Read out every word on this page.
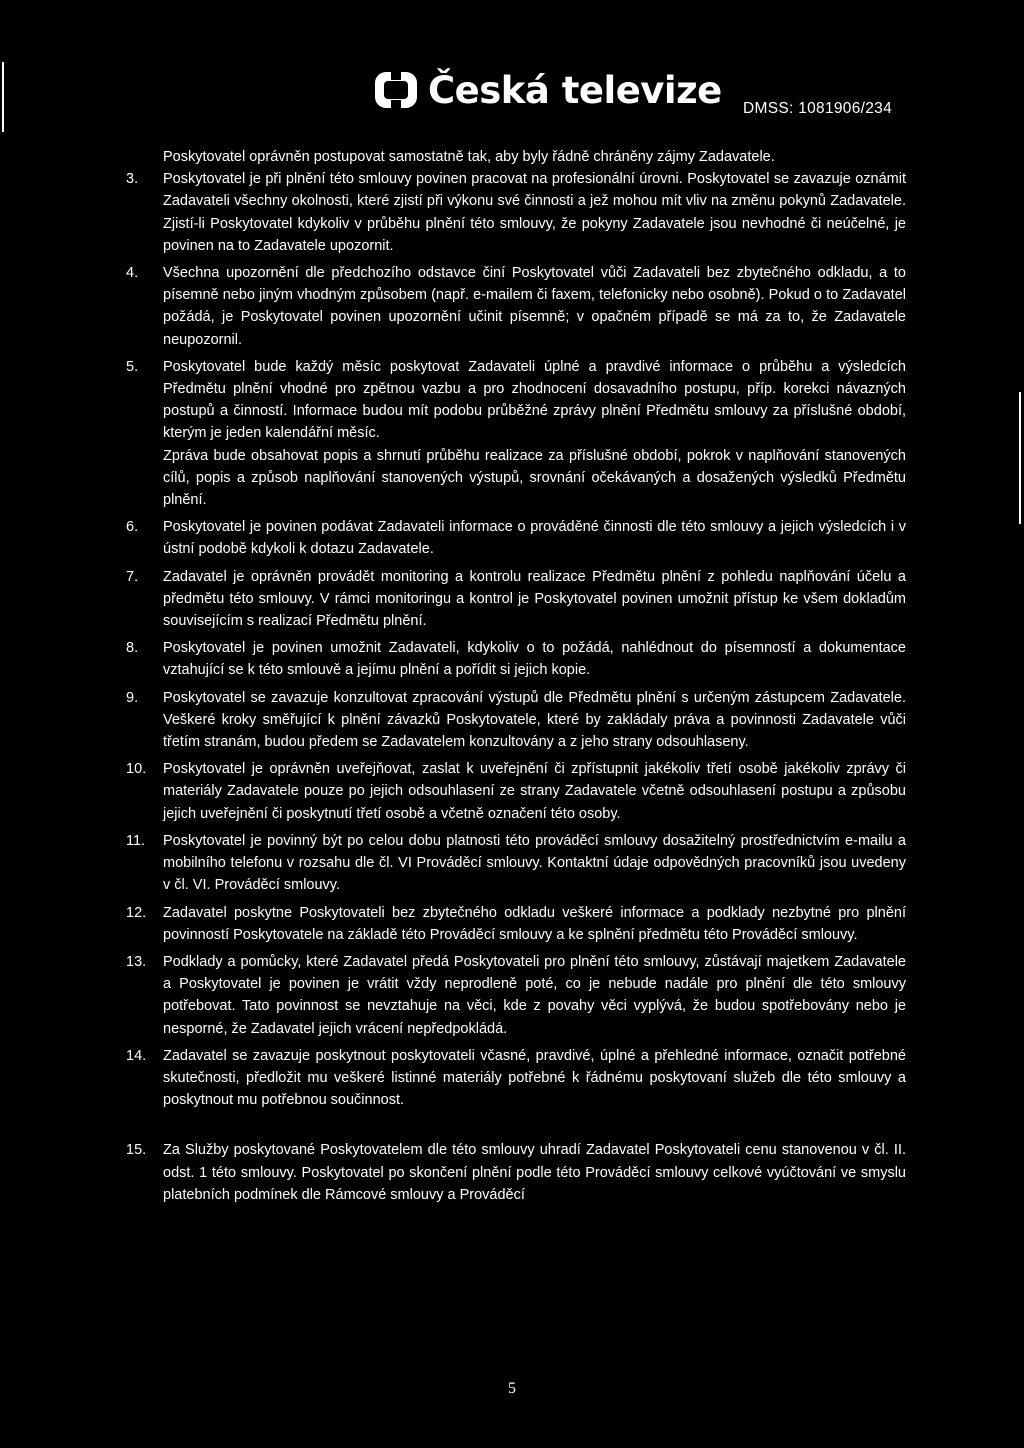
Česká televize DMSS: 1081906/234
Poskytovatel oprávněn postupovat samostatně tak, aby byly řádně chráněny zájmy Zadavatele.
3.	Poskytovatel je při plnění této smlouvy povinen pracovat na profesionální úrovni. Poskytovatel se zavazuje oznámit Zadavateli všechny okolnosti, které zjistí při výkonu své činnosti a jež mohou mít vliv na změnu pokynů Zadavatele. Zjistí-li Poskytovatel kdykoliv v průběhu plnění této smlouvy, že pokyny Zadavatele jsou nevhodné či neúčelné, je povinen na to Zadavatele upozornit.
4.	Všechna upozornění dle předchozího odstavce činí Poskytovatel vůči Zadavateli bez zbytečného odkladu, a to písemně nebo jiným vhodným způsobem (např. e-mailem či faxem, telefonicky nebo osobně). Pokud o to Zadavatel požádá, je Poskytovatel povinen upozornění učinit písemně; v opačném případě se má za to, že Zadavatele neupozornil.
5.	Poskytovatel bude každý měsíc poskytovat Zadavateli úplné a pravdivé informace o průběhu a výsledcích Předmětu plnění vhodné pro zpětnou vazbu a pro zhodnocení dosavadního postupu, příp. korekci návazných postupů a činností. Informace budou mít podobu průběžné zprávy plnění Předmětu smlouvy za příslušné období, kterým je jeden kalendářní měsíc.
Zpráva bude obsahovat popis a shrnutí průběhu realizace za příslušné období, pokrok v naplňování stanovených cílů, popis a způsob naplňování stanovených výstupů, srovnání očekávaných a dosažených výsledků Předmětu plnění.
6.	Poskytovatel je povinen podávat Zadavateli informace o prováděné činnosti dle této smlouvy a jejich výsledcích i v ústní podobě kdykoli k dotazu Zadavatele.
7.	Zadavatel je oprávněn provádět monitoring a kontrolu realizace Předmětu plnění z pohledu naplňování účelu a předmětu této smlouvy. V rámci monitoringu a kontrol je Poskytovatel povinen umožnit přístup ke všem dokladům souvisejícím s realizací Předmětu plnění.
8.	Poskytovatel je povinen umožnit Zadavateli, kdykoliv o to požádá, nahlédnout do písemností a dokumentace vztahující se k této smlouvě a jejímu plnění a pořídit si jejich kopie.
9.	Poskytovatel se zavazuje konzultovat zpracování výstupů dle Předmětu plnění s určeným zástupcem Zadavatele. Veškeré kroky směřující k plnění závazků Poskytovatele, které by zakládaly práva a povinnosti Zadavatele vůči třetím stranám, budou předem se Zadavatelem konzultovány a z jeho strany odsouhlaseny.
10.	Poskytovatel je oprávněn uveřejňovat, zaslat k uveřejnění či zpřístupnit jakékoliv třetí osobě jakékoliv zprávy či materiály Zadavatele pouze po jejich odsouhlasení ze strany Zadavatele včetně odsouhlasení postupu a způsobu jejich uveřejnění či poskytnutí třetí osobě a včetně označení této osoby.
11.	Poskytovatel je povinný být po celou dobu platnosti této prováděcí smlouvy dosažitelný prostřednictvím e-mailu a mobilního telefonu v rozsahu dle čl. VI Prováděcí smlouvy. Kontaktní údaje odpovědných pracovníků jsou uvedeny v čl. VI. Prováděcí smlouvy.
12.	Zadavatel poskytne Poskytovateli bez zbytečného odkladu veškeré informace a podklady nezbytné pro plnění povinností Poskytovatele na základě této Prováděcí smlouvy a ke splnění předmětu této Prováděcí smlouvy.
13.	Podklady a pomůcky, které Zadavatel předá Poskytovateli pro plnění této smlouvy, zůstávají majetkem Zadavatele a Poskytovatel je povinen je vrátit vždy neprodleně poté, co je nebude nadále pro plnění dle této smlouvy potřebovat. Tato povinnost se nevztahuje na věci, kde z povahy věci vyplývá, že budou spotřebovány nebo je nesporné, že Zadavatel jejich vrácení nepředpokládá.
14.	Zadavatel se zavazuje poskytnout poskytovateli včasné, pravdivé, úplné a přehledné informace, označit potřebné skutečnosti, předložit mu veškeré listinné materiály potřebné k řádnému poskytovaní služeb dle této smlouvy a poskytnout mu potřebnou součinnost.
15.	Za Služby poskytované Poskytovatelem dle této smlouvy uhradí Zadavatel Poskytovateli cenu stanovenou v čl. II. odst. 1 této smlouvy. Poskytovatel po skončení plnění podle této Prováděcí smlouvy celkové vyúčtování ve smyslu platebních podmínek dle Rámcové smlouvy a Prováděcí
5
